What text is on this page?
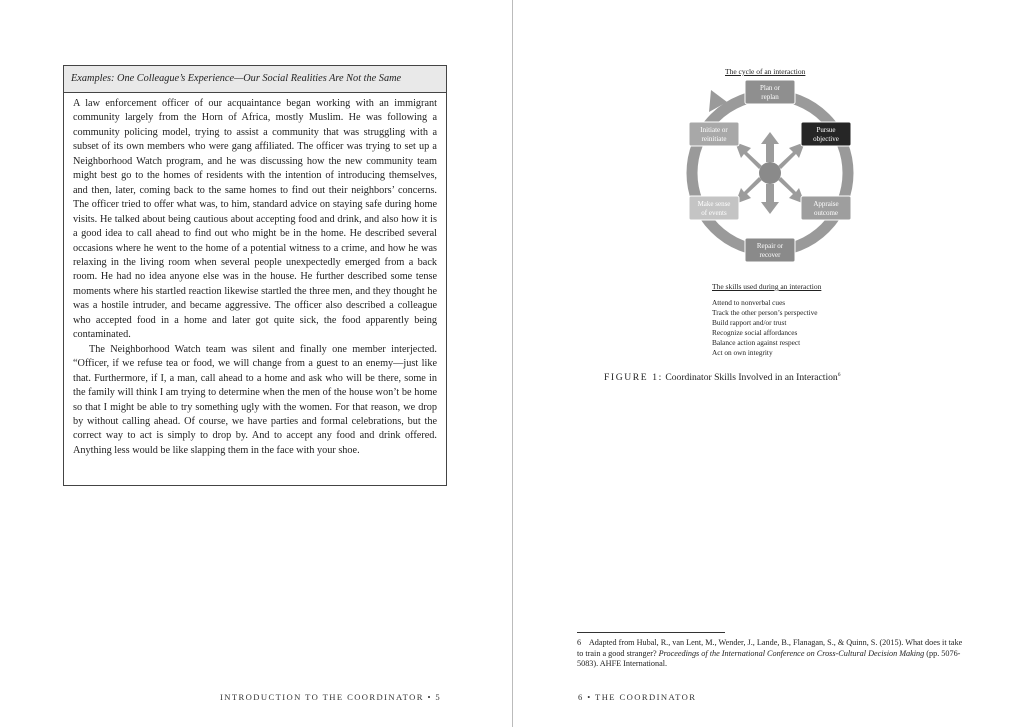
Examples: One Colleague’s Experience—Our Social Realities Are Not the Same

A law enforcement officer of our acquaintance began working with an immigrant community largely from the Horn of Africa, mostly Muslim. He was following a community policing model, trying to assist a community that was struggling with a subset of its own members who were gang affiliated. The officer was trying to set up a Neighborhood Watch program, and he was discussing how the new community team might best go to the homes of residents with the intention of introducing themselves, and then, later, coming back to the same homes to find out their neighbors’ concerns. The officer tried to offer what was, to him, standard advice on staying safe during home visits. He talked about being cautious about accepting food and drink, and also how it is a good idea to call ahead to find out who might be in the home. He described several occasions where he went to the home of a potential witness to a crime, and how he was relaxing in the living room when several people unexpectedly emerged from a back room. He had no idea anyone else was in the house. He further described some tense moments where his startled reaction likewise startled the three men, and they thought he was a hostile intruder, and became aggressive. The officer also described a colleague who accepted food in a home and later got quite sick, the food apparently being contaminated.

The Neighborhood Watch team was silent and finally one member interjected. “Officer, if we refuse tea or food, we will change from a guest to an enemy—just like that. Furthermore, if I, a man, call ahead to a home and ask who will be there, some in the family will think I am trying to determine when the men of the house won’t be home so that I might be able to try something ugly with the women. For that reason, we drop by without calling ahead. Of course, we have parties and formal celebrations, but the correct way to act is simply to drop by. And to accept any food and drink offered. Anything less would be like slapping them in the face with your shoe.

INTRODUCTION TO THE COORDINATOR • 5
The cycle of an interaction
Plan or
replan
Pursue
objective
Appraise
outcome
Repair or
recover
Make sense
of events
Initiate or
reinitiate
The skills used during an interaction
Attend to nonverbal cues
Track the other person’s perspective
Build rapport and/or trust
Recognize social affordances
Balance action against respect
Act on own integrity
FIGURE 1: Coordinator Skills Involved in an Interaction$^6$
6 Adapted from Hubal, R., van Lent, M., Wender, J., Lande, B., Flanagan, S., & Quinn, S. (2015). What does it take to train a good stranger? Proceedings of the International Conference on Cross-Cultural Decision Making (pp. 5076-5083). AHFE International.
6 • THE COORDINATOR
